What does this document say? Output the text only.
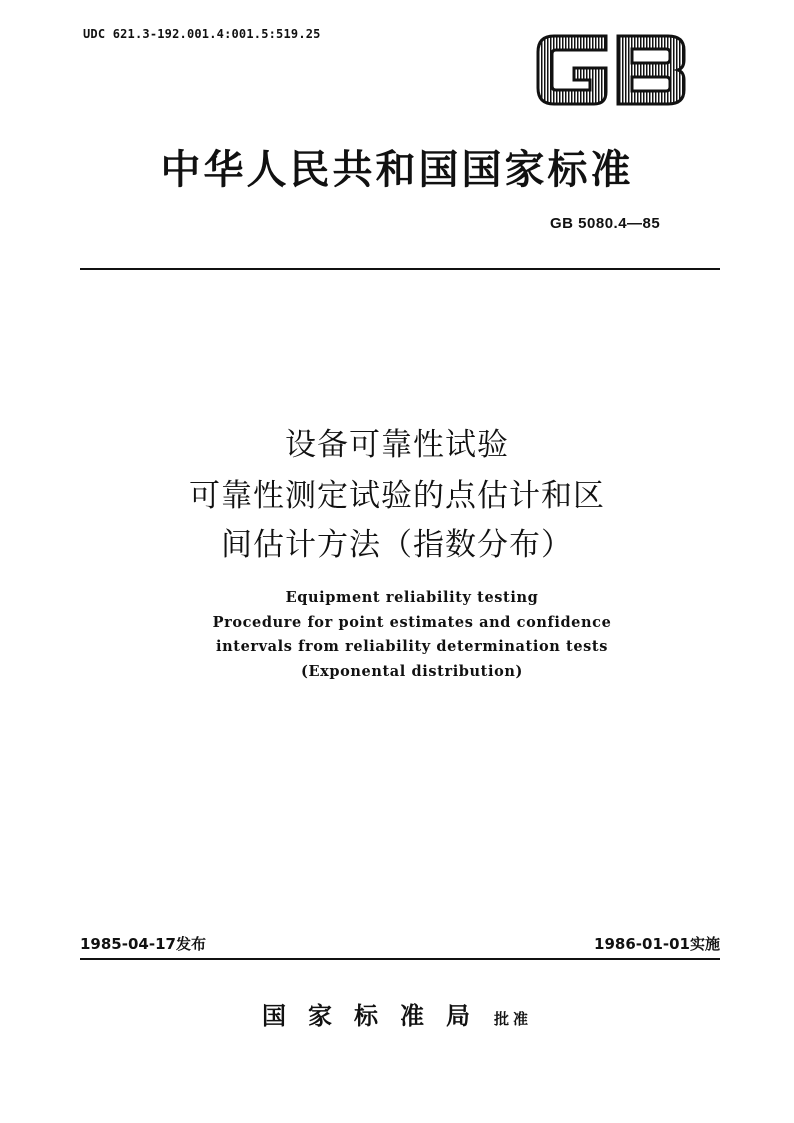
UDC 621.3-192.001.4:001.5:519.25
中华人民共和国国家标准
GB 5080.4—85
设备可靠性试验
可靠性测定试验的点估计和区
间估计方法（指数分布）
Equipment reliability testing
Procedure for point estimates and confidence
intervals from reliability determination tests
(Exponental distribution)
1985-04-17发布	1986-01-01实施
国家标准局 批准
